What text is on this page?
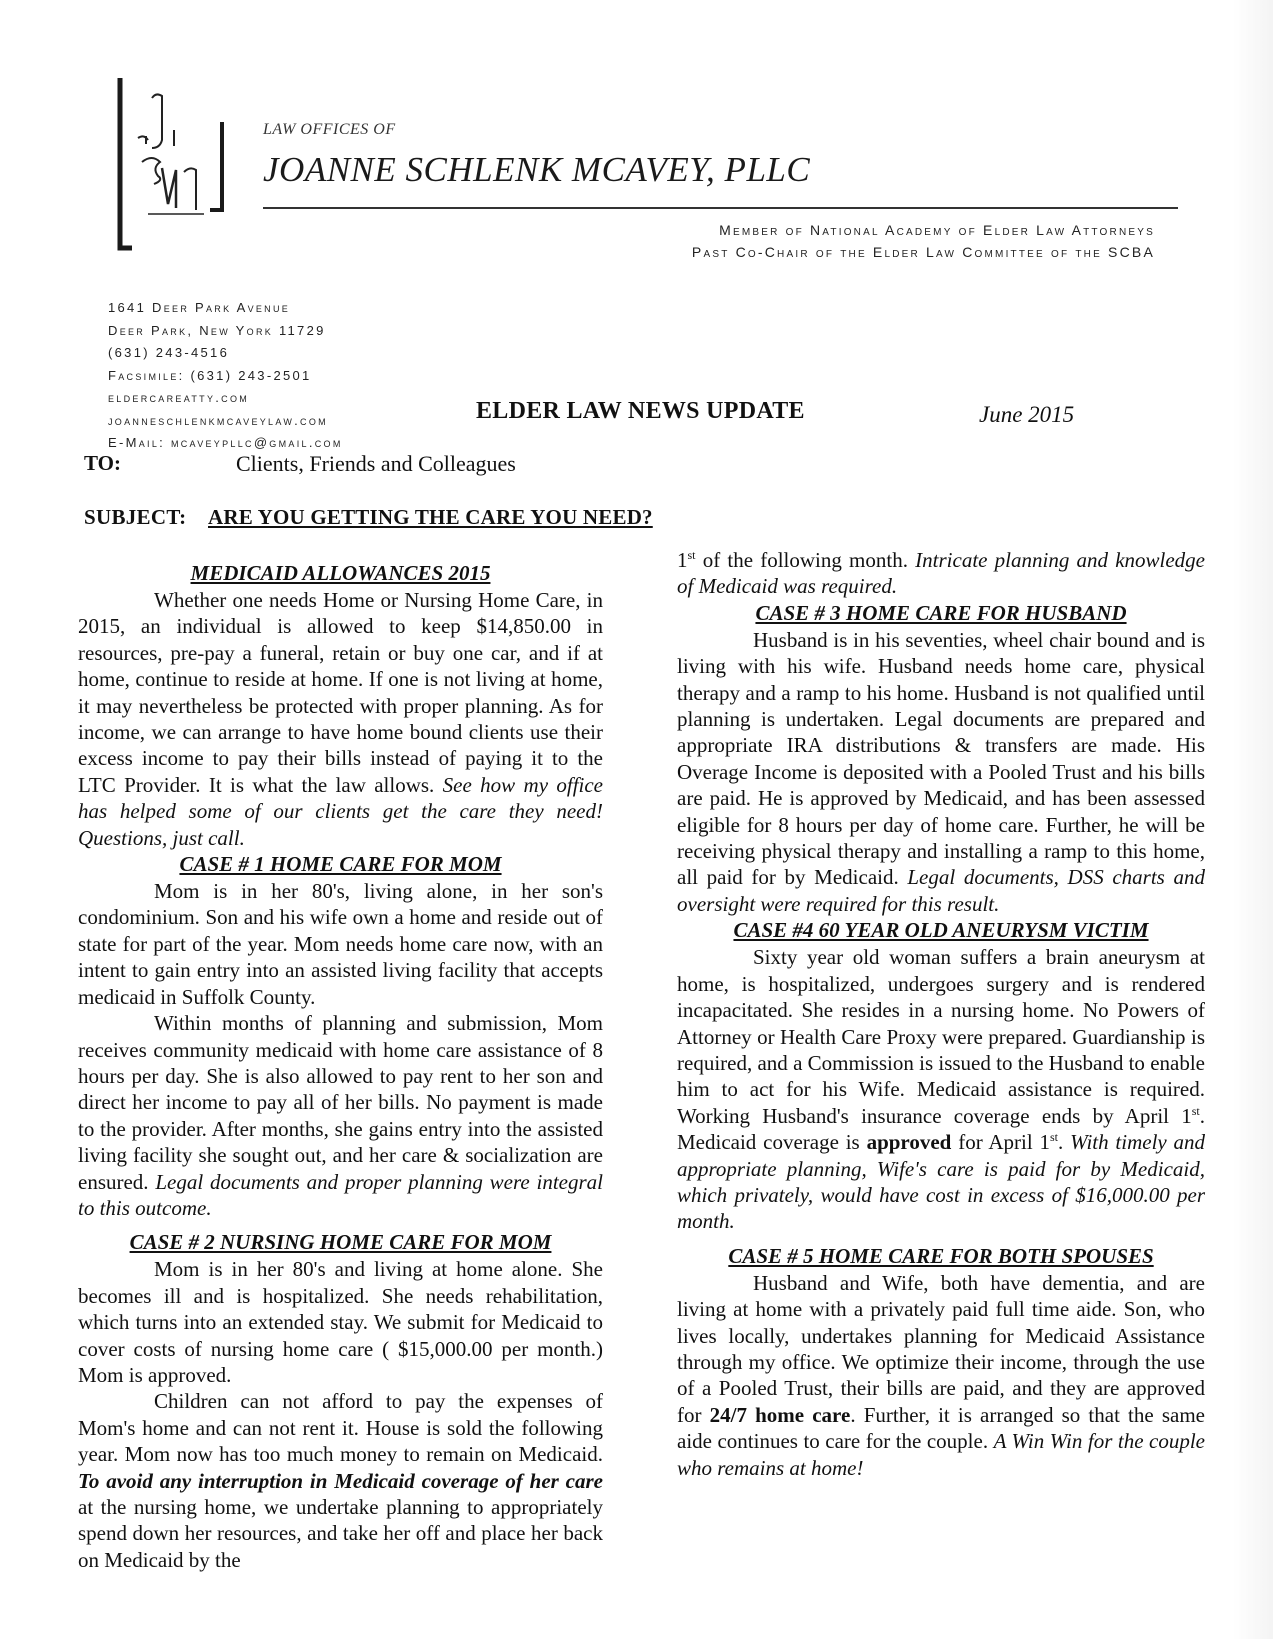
LAW OFFICES OF
JOANNE SCHLENK MCAVEY, PLLC
Member of National Academy of Elder Law Attorneys
Past Co-Chair of the Elder Law Committee of the SCBA
1641 Deer Park Avenue
Deer Park, New York 11729
(631) 243-4516
Facsimile: (631) 243-2501
eldercareatty.com
joanneschlenkmcaveylaw.com
E-Mail: mcaveypllc@gmail.com
ELDER LAW NEWS UPDATE	June 2015
TO:	Clients, Friends and Colleagues
SUBJECT: ARE YOU GETTING THE CARE YOU NEED?
MEDICAID ALLOWANCES 2015

Whether one needs Home or Nursing Home Care, in 2015, an individual is allowed to keep $14,850.00 in resources, pre-pay a funeral, retain or buy one car, and if at home, continue to reside at home. If one is not living at home, it may nevertheless be protected with proper planning. As for income, we can arrange to have home bound clients use their excess income to pay their bills instead of paying it to the LTC Provider. It is what the law allows. See how my office has helped some of our clients get the care they need! Questions, just call.

CASE # 1 HOME CARE FOR MOM

Mom is in her 80's, living alone, in her son's condominium. Son and his wife own a home and reside out of state for part of the year. Mom needs home care now, with an intent to gain entry into an assisted living facility that accepts medicaid in Suffolk County.

Within months of planning and submission, Mom receives community medicaid with home care assistance of 8 hours per day. She is also allowed to pay rent to her son and direct her income to pay all of her bills. No payment is made to the provider. After months, she gains entry into the assisted living facility she sought out, and her care & socialization are ensured. Legal documents and proper planning were integral to this outcome.

CASE # 2 NURSING HOME CARE FOR MOM

Mom is in her 80's and living at home alone. She becomes ill and is hospitalized. She needs rehabilitation, which turns into an extended stay. We submit for Medicaid to cover costs of nursing home care ( $15,000.00 per month.) Mom is approved.

Children can not afford to pay the expenses of Mom's home and can not rent it. House is sold the following year. Mom now has too much money to remain on Medicaid. To avoid any interruption in Medicaid coverage of her care at the nursing home, we undertake planning to appropriately spend down her resources, and take her off and place her back on Medicaid by the

1st of the following month. Intricate planning and knowledge of Medicaid was required.

CASE # 3 HOME CARE FOR HUSBAND

Husband is in his seventies, wheel chair bound and is living with his wife. Husband needs home care, physical therapy and a ramp to his home. Husband is not qualified until planning is undertaken. Legal documents are prepared and appropriate IRA distributions & transfers are made. His Overage Income is deposited with a Pooled Trust and his bills are paid. He is approved by Medicaid, and has been assessed eligible for 8 hours per day of home care. Further, he will be receiving physical therapy and installing a ramp to this home, all paid for by Medicaid. Legal documents, DSS charts and oversight were required for this result.

CASE #4 60 YEAR OLD ANEURYSM VICTIM

Sixty year old woman suffers a brain aneurysm at home, is hospitalized, undergoes surgery and is rendered incapacitated. She resides in a nursing home. No Powers of Attorney or Health Care Proxy were prepared. Guardianship is required, and a Commission is issued to the Husband to enable him to act for his Wife. Medicaid assistance is required. Working Husband's insurance coverage ends by April 1st. Medicaid coverage is approved for April 1st. With timely and appropriate planning, Wife's care is paid for by Medicaid, which privately, would have cost in excess of $16,000.00 per month.

CASE # 5 HOME CARE FOR BOTH SPOUSES

Husband and Wife, both have dementia, and are living at home with a privately paid full time aide. Son, who lives locally, undertakes planning for Medicaid Assistance through my office. We optimize their income, through the use of a Pooled Trust, their bills are paid, and they are approved for 24/7 home care. Further, it is arranged so that the same aide continues to care for the couple. A Win Win for the couple who remains at home!
